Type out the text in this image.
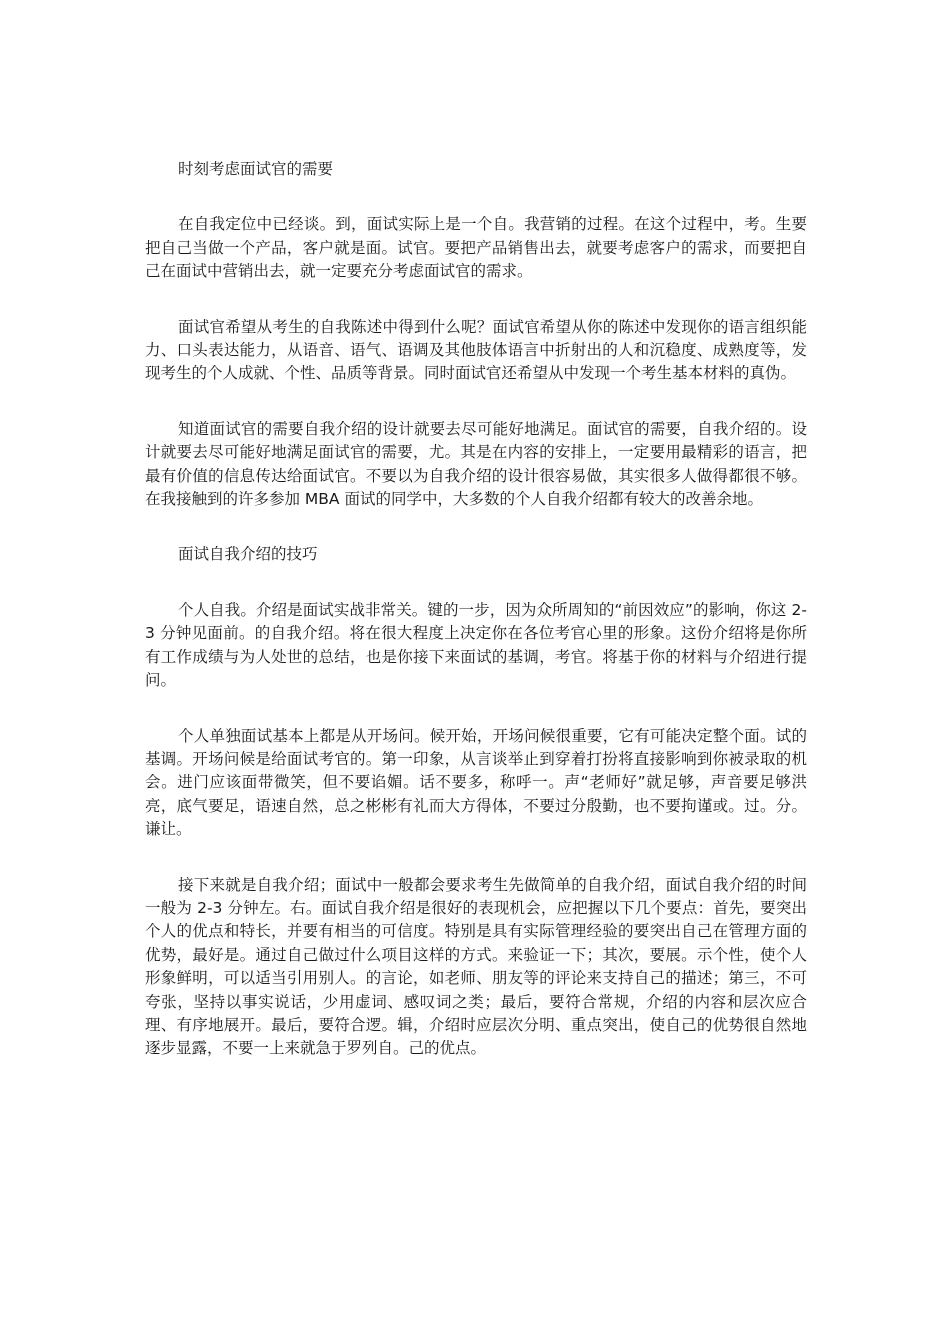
时刻考虑面试官的需要

在自我定位中已经谈。到，面试实际上是一个自。我营销的过程。在这个过程中，考。生要把自己当做一个产品，客户就是面。试官。要把产品销售出去，就要考虑客户的需求，而要把自己在面试中营销出去，就一定要充分考虑面试官的需求。

面试官希望从考生的自我陈述中得到什么呢？面试官希望从你的陈述中发现你的语言组织能力、口头表达能力，从语音、语气、语调及其他肢体语言中折射出的人和沉稳度、成熟度等，发现考生的个人成就、个性、品质等背景。同时面试官还希望从中发现一个考生基本材料的真伪。

知道面试官的需要自我介绍的设计就要去尽可能好地满足。面试官的需要，自我介绍的。设计就要去尽可能好地满足面试官的需要，尤。其是在内容的安排上，一定要用最精彩的语言，把最有价值的信息传达给面试官。不要以为自我介绍的设计很容易做，其实很多人做得都很不够。在我接触到的许多参加 MBA 面试的同学中，大多数的个人自我介绍都有较大的改善余地。

面试自我介绍的技巧

个人自我。介绍是面试实战非常关。键的一步，因为众所周知的“前因效应”的影响，你这 2-3 分钟见面前。的自我介绍。将在很大程度上决定你在各位考官心里的形象。这份介绍将是你所有工作成绩与为人处世的总结，也是你接下来面试的基调，考官。将基于你的材料与介绍进行提问。

个人单独面试基本上都是从开场问。候开始，开场问候很重要，它有可能决定整个面。试的基调。开场问候是给面试考官的。第一印象，从言谈举止到穿着打扮将直接影响到你被录取的机会。进门应该面带微笑，但不要谄媚。话不要多，称呼一。声“老师好”就足够，声音要足够洪亮，底气要足，语速自然，总之彬彬有礼而大方得体，不要过分殷勤，也不要拘谨或。过。分。谦让。

接下来就是自我介绍；面试中一般都会要求考生先做简单的自我介绍，面试自我介绍的时间一般为 2-3 分钟左。右。面试自我介绍是很好的表现机会，应把握以下几个要点：首先，要突出个人的优点和特长，并要有相当的可信度。特别是具有实际管理经验的要突出自己在管理方面的优势，最好是。通过自己做过什么项目这样的方式。来验证一下；其次，要展。示个性，使个人形象鲜明，可以适当引用别人。的言论，如老师、朋友等的评论来支持自己的描述；第三，不可夸张，坚持以事实说话，少用虚词、感叹词之类；最后，要符合常规，介绍的内容和层次应合理、有序地展开。最后，要符合逻。辑，介绍时应层次分明、重点突出，使自己的优势很自然地逐步显露，不要一上来就急于罗列自。己的优点。
